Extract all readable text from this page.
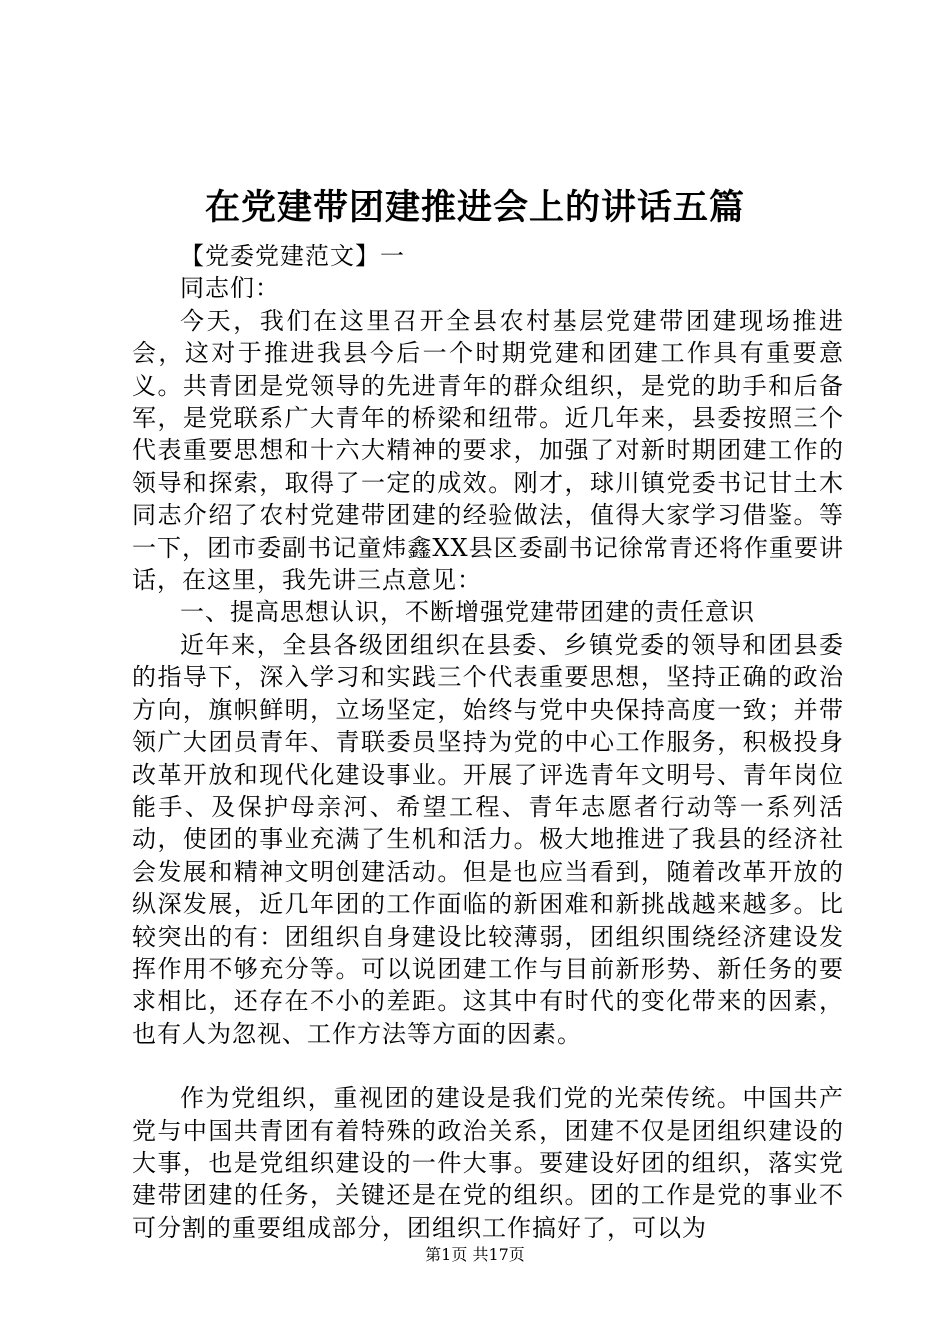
在党建带团建推进会上的讲话五篇

【党委党建范文】一

同志们：

今天，我们在这里召开全县农村基层党建带团建现场推进会，这对于推进我县今后一个时期党建和团建工作具有重要意义。共青团是党领导的先进青年的群众组织，是党的助手和后备军，是党联系广大青年的桥梁和纽带。近几年来，县委按照三个代表重要思想和十六大精神的要求，加强了对新时期团建工作的领导和探索，取得了一定的成效。刚才，球川镇党委书记甘土木同志介绍了农村党建带团建的经验做法，值得大家学习借鉴。等一下，团市委副书记童炜鑫XX县区委副书记徐常青还将作重要讲话，在这里，我先讲三点意见：

一、提高思想认识，不断增强党建带团建的责任意识

近年来，全县各级团组织在县委、乡镇党委的领导和团县委的指导下，深入学习和实践三个代表重要思想，坚持正确的政治方向，旗帜鲜明，立场坚定，始终与党中央保持高度一致；并带领广大团员青年、青联委员坚持为党的中心工作服务，积极投身改革开放和现代化建设事业。开展了评选青年文明号、青年岗位能手、及保护母亲河、希望工程、青年志愿者行动等一系列活动，使团的事业充满了生机和活力。极大地推进了我县的经济社会发展和精神文明创建活动。但是也应当看到，随着改革开放的纵深发展，近几年团的工作面临的新困难和新挑战越来越多。比较突出的有：团组织自身建设比较薄弱，团组织围绕经济建设发挥作用不够充分等。可以说团建工作与目前新形势、新任务的要求相比，还存在不小的差距。这其中有时代的变化带来的因素，也有人为忽视、工作方法等方面的因素。

作为党组织，重视团的建设是我们党的光荣传统。中国共产党与中国共青团有着特殊的政治关系，团建不仅是团组织建设的大事，也是党组织建设的一件大事。要建设好团的组织，落实党建带团建的任务，关键还是在党的组织。团的工作是党的事业不可分割的重要组成部分，团组织工作搞好了，可以为

第1页 共17页
